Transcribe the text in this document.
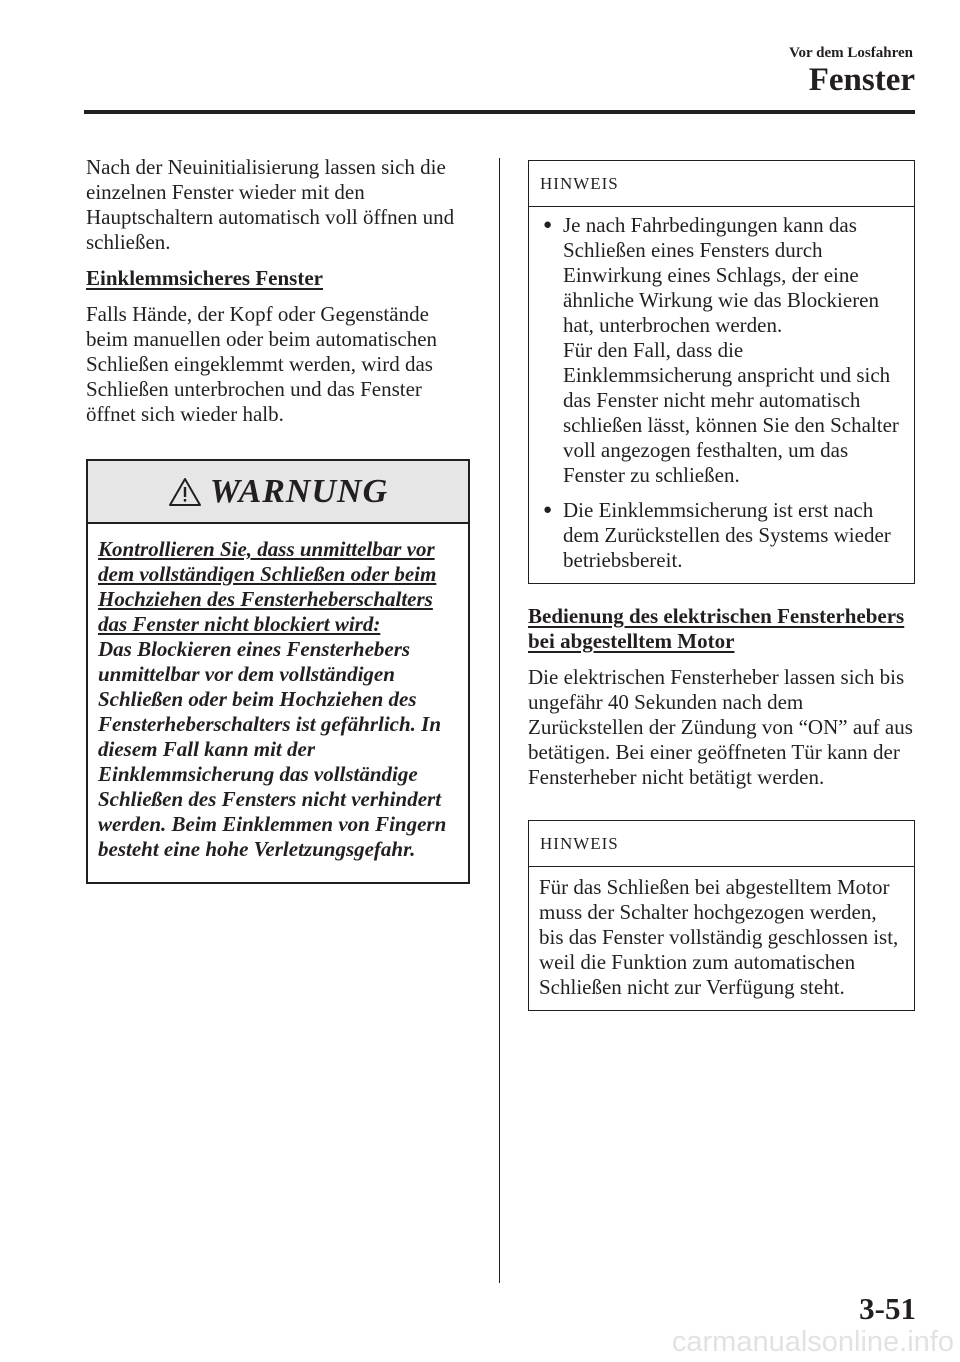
Vor dem Losfahren
Fenster

Nach der Neuinitialisierung lassen sich die einzelnen Fenster wieder mit den Hauptschaltern automatisch voll öffnen und schließen.

Einklemmsicheres Fenster

Falls Hände, der Kopf oder Gegenstände beim manuellen oder beim automatischen Schließen eingeklemmt werden, wird das Schließen unterbrochen und das Fenster öffnet sich wieder halb.

WARNUNG
Kontrollieren Sie, dass unmittelbar vor dem vollständigen Schließen oder beim Hochziehen des Fensterheberschalters das Fenster nicht blockiert wird:
Das Blockieren eines Fensterhebers unmittelbar vor dem vollständigen Schließen oder beim Hochziehen des Fensterheberschalters ist gefährlich. In diesem Fall kann mit der Einklemmsicherung das vollständige Schließen des Fensters nicht verhindert werden. Beim Einklemmen von Fingern besteht eine hohe Verletzungsgefahr.
HINWEIS
● Je nach Fahrbedingungen kann das Schließen eines Fensters durch Einwirkung eines Schlags, der eine ähnliche Wirkung wie das Blockieren hat, unterbrochen werden.
Für den Fall, dass die Einklemmsicherung anspricht und sich das Fenster nicht mehr automatisch schließen lässt, können Sie den Schalter voll angezogen festhalten, um das Fenster zu schließen.
● Die Einklemmsicherung ist erst nach dem Zurückstellen des Systems wieder betriebsbereit.

Bedienung des elektrischen Fensterhebers bei abgestelltem Motor

Die elektrischen Fensterheber lassen sich bis ungefähr 40 Sekunden nach dem Zurückstellen der Zündung von “ON” auf aus betätigen. Bei einer geöffneten Tür kann der Fensterheber nicht betätigt werden.

HINWEIS
Für das Schließen bei abgestelltem Motor muss der Schalter hochgezogen werden, bis das Fenster vollständig geschlossen ist, weil die Funktion zum automatischen Schließen nicht zur Verfügung steht.
3-51
carmanualsonline.info
